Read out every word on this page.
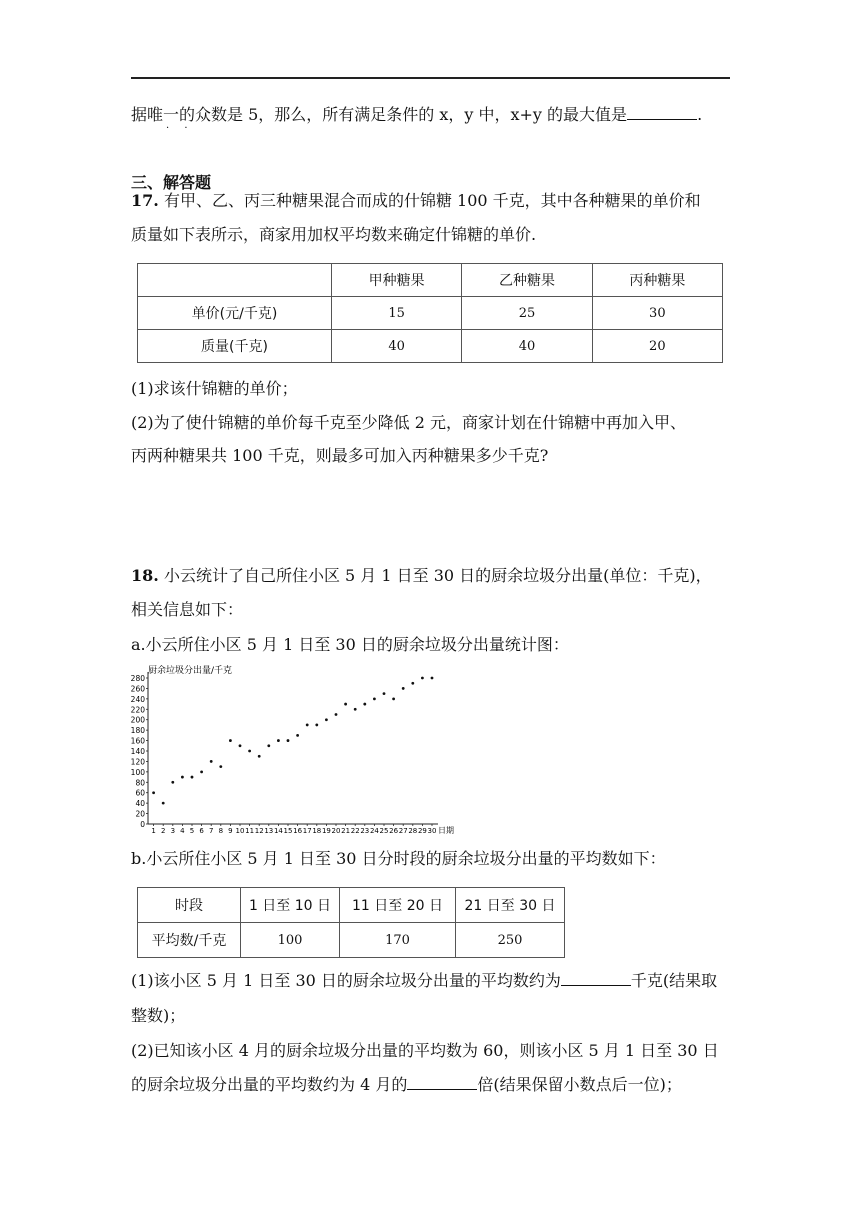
据唯一的众数是 5，那么，所有满足条件的 x，y 中，x+y 的最大值是	.
· ·
三、解答题
17. 有甲、乙、丙三种糖果混合而成的什锦糖 100 千克，其中各种糖果的单价和
质量如下表所示，商家用加权平均数来确定什锦糖的单价.
	甲种糖果	乙种糖果	丙种糖果
单价(元/千克)	15	25	30
质量(千克)	40	40	20
(1)求该什锦糖的单价；
(2)为了使什锦糖的单价每千克至少降低 2 元，商家计划在什锦糖中再加入甲、
丙两种糖果共 100 千克，则最多可加入丙种糖果多少千克?
18. 小云统计了自己所住小区 5 月 1 日至 30 日的厨余垃圾分出量(单位：千克)，
相关信息如下：
a.小云所住小区 5 月 1 日至 30 日的厨余垃圾分出量统计图：
0
20
40
60
80
100
120
140
160
180
200
220
240
260
280
1 2 3 4 5 6 7 8 9 10 11 12 13 14 15 16 17 18 19 20 21 22 23 24 25 26 27 28 29 30
厨余垃圾分出量/千克
日期
b.小云所住小区 5 月 1 日至 30 日分时段的厨余垃圾分出量的平均数如下：
时段	1 日至 10 日	11 日至 20 日	21 日至 30 日
平均数/千克	100	170	250
(1)该小区 5 月 1 日至 30 日的厨余垃圾分出量的平均数约为	千克(结果取
整数)；
(2)已知该小区 4 月的厨余垃圾分出量的平均数为 60，则该小区 5 月 1 日至 30 日
的厨余垃圾分出量的平均数约为 4 月的	倍(结果保留小数点后一位)；
